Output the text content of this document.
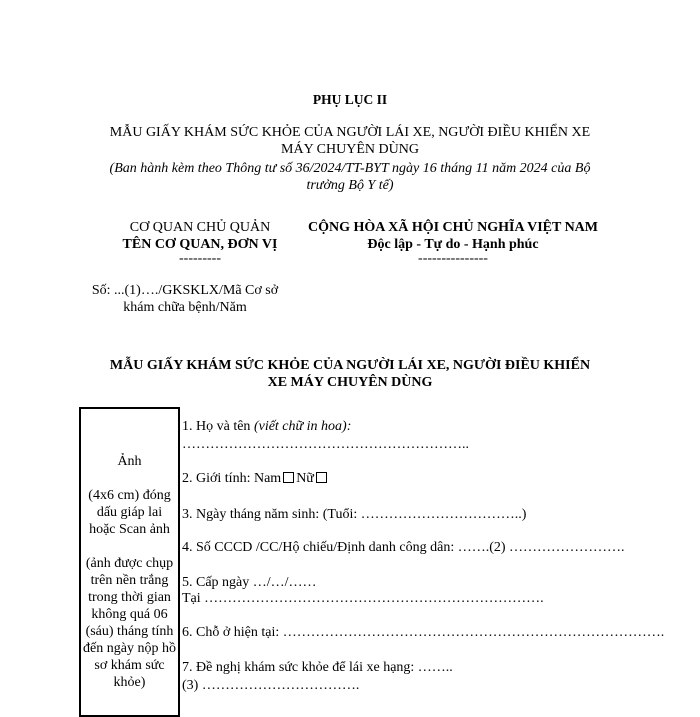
PHỤ LỤC II
MẪU GIẤY KHÁM SỨC KHỎE CỦA NGƯỜI LÁI XE, NGƯỜI ĐIỀU KHIỂN XE
MÁY CHUYÊN DÙNG
(Ban hành kèm theo Thông tư số 36/2024/TT-BYT ngày 16 tháng 11 năm 2024 của Bộ
trưởng Bộ Y tế)
CƠ QUAN CHỦ QUẢN
TÊN CƠ QUAN, ĐƠN VỊ
---------
CỘNG HÒA XÃ HỘI CHỦ NGHĨA VIỆT NAM
Độc lập - Tự do - Hạnh phúc
---------------
Số: ...(1)…./GKSKLX/Mã Cơ sở
khám chữa bệnh/Năm
MẪU GIẤY KHÁM SỨC KHỎE CỦA NGƯỜI LÁI XE, NGƯỜI ĐIỀU KHIỂN
XE MÁY CHUYÊN DÙNG
Ảnh
(4x6 cm) đóng dấu giáp lai hoặc Scan ảnh
(ảnh được chụp trên nền trắng trong thời gian không quá 06 (sáu) tháng tính đến ngày nộp hồ sơ khám sức khỏe)
1. Họ và tên (viết chữ in hoa):
……………………………………………………..
2. Giới tính: Nam Nữ
3. Ngày tháng năm sinh: (Tuổi: ……………………………..)
4. Số CCCD /CC/Hộ chiếu/Định danh công dân: …….(2) …………………….
5. Cấp ngày …/…/……
Tại ……………………………………………………………….
6. Chỗ ở hiện tại: ……………………………………………………………………….
7. Đề nghị khám sức khỏe để lái xe hạng: ……..
(3) …………………………….
